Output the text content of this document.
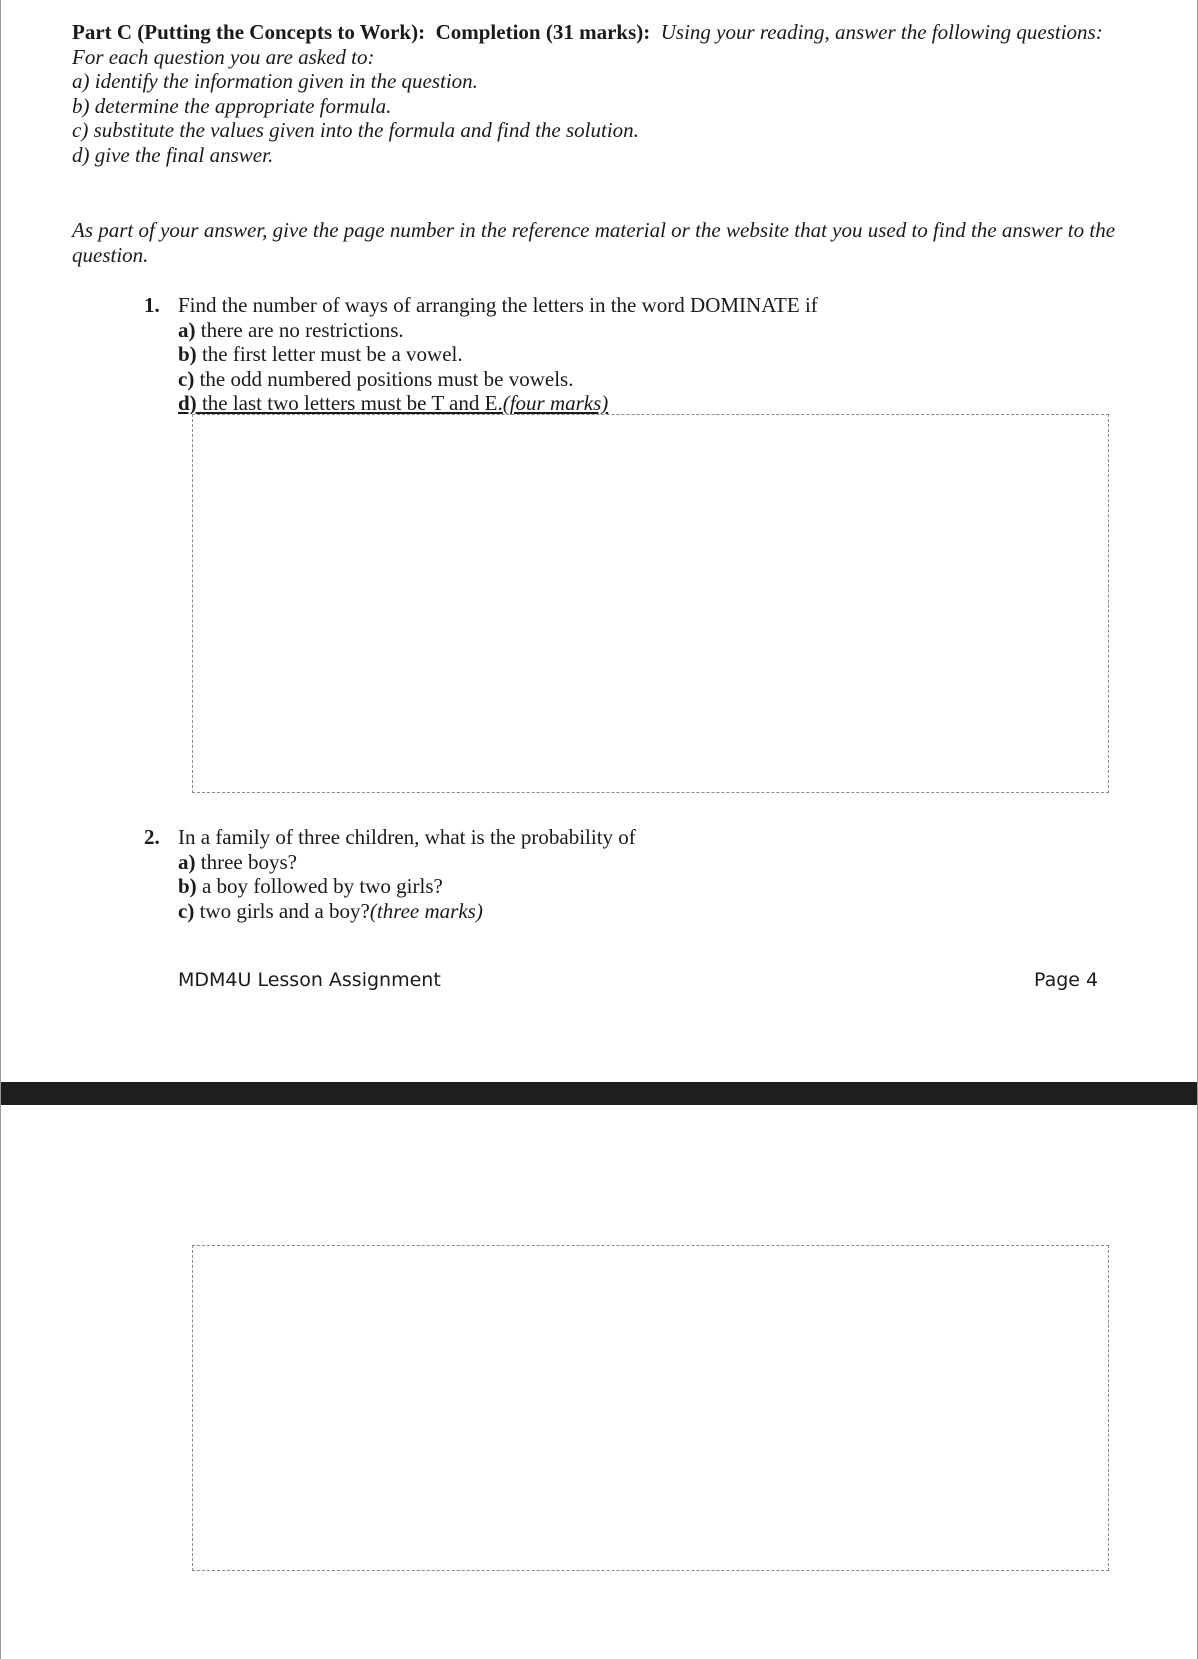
Part C (Putting the Concepts to Work): Completion (31 marks): Using your reading, answer the following questions:
For each question you are asked to:
a) identify the information given in the question.
b) determine the appropriate formula.
c) substitute the values given into the formula and find the solution.
d) give the final answer.
As part of your answer, give the page number in the reference material or the website that you used to find the answer to the question.
1. Find the number of ways of arranging the letters in the word DOMINATE if
a) there are no restrictions.
b) the first letter must be a vowel.
c) the odd numbered positions must be vowels.
d) the last two letters must be T and E.(four marks)
2. In a family of three children, what is the probability of
a) three boys?
b) a boy followed by two girls?
c) two girls and a boy?(three marks)
MDM4U Lesson Assignment	Page 4
